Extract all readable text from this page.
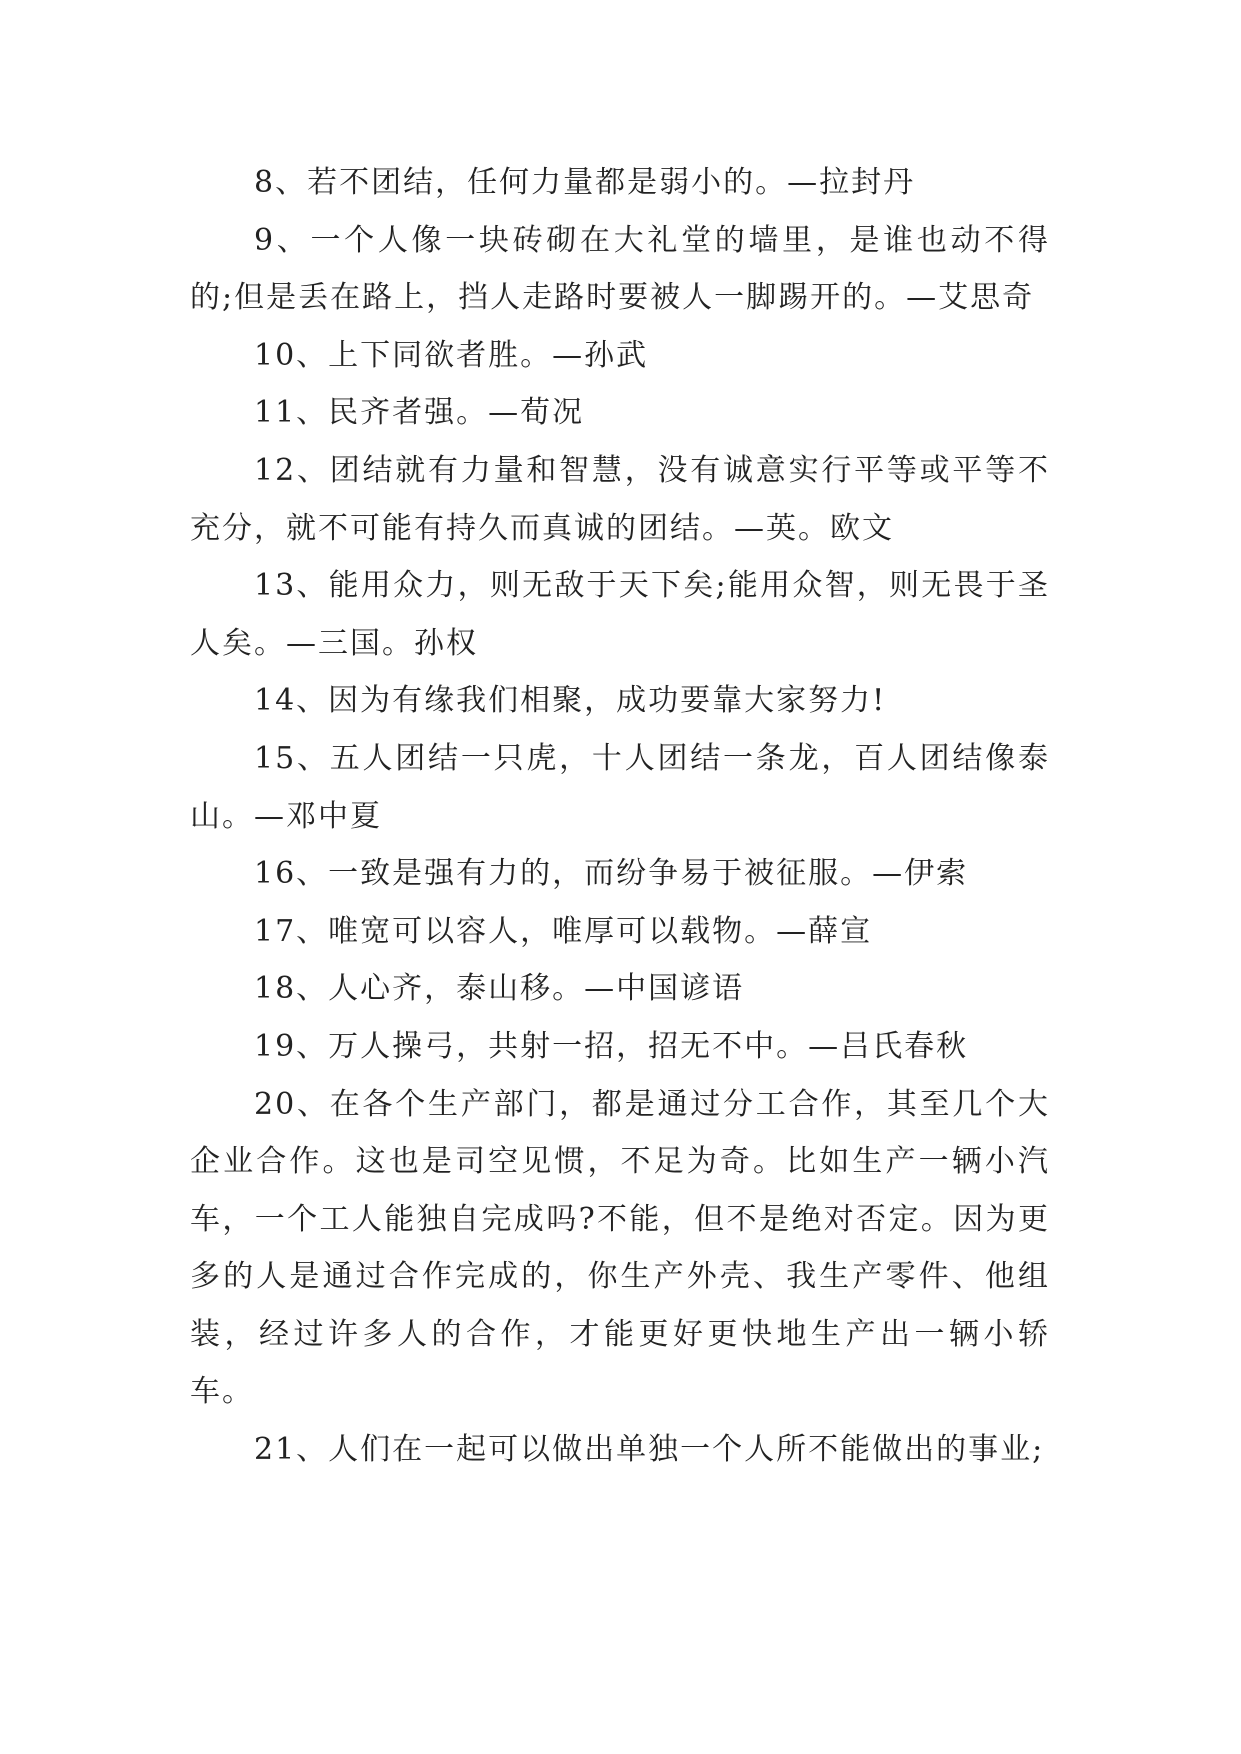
8、若不团结，任何力量都是弱小的。—拉封丹

9、一个人像一块砖砌在大礼堂的墙里，是谁也动不得的;但是丢在路上，挡人走路时要被人一脚踢开的。—艾思奇

10、上下同欲者胜。—孙武

11、民齐者强。—荀况

12、团结就有力量和智慧，没有诚意实行平等或平等不充分，就不可能有持久而真诚的团结。—英。欧文

13、能用众力，则无敌于天下矣;能用众智，则无畏于圣人矣。—三国。孙权

14、因为有缘我们相聚，成功要靠大家努力!

15、五人团结一只虎，十人团结一条龙，百人团结像泰山。—邓中夏

16、一致是强有力的，而纷争易于被征服。—伊索

17、唯宽可以容人，唯厚可以载物。—薛宣

18、人心齐，泰山移。—中国谚语

19、万人操弓，共射一招，招无不中。—吕氏春秋

20、在各个生产部门，都是通过分工合作，其至几个大企业合作。这也是司空见惯，不足为奇。比如生产一辆小汽车，一个工人能独自完成吗?不能，但不是绝对否定。因为更多的人是通过合作完成的，你生产外壳、我生产零件、他组装，经过许多人的合作，才能更好更快地生产出一辆小轿车。

21、人们在一起可以做出单独一个人所不能做出的事业;
